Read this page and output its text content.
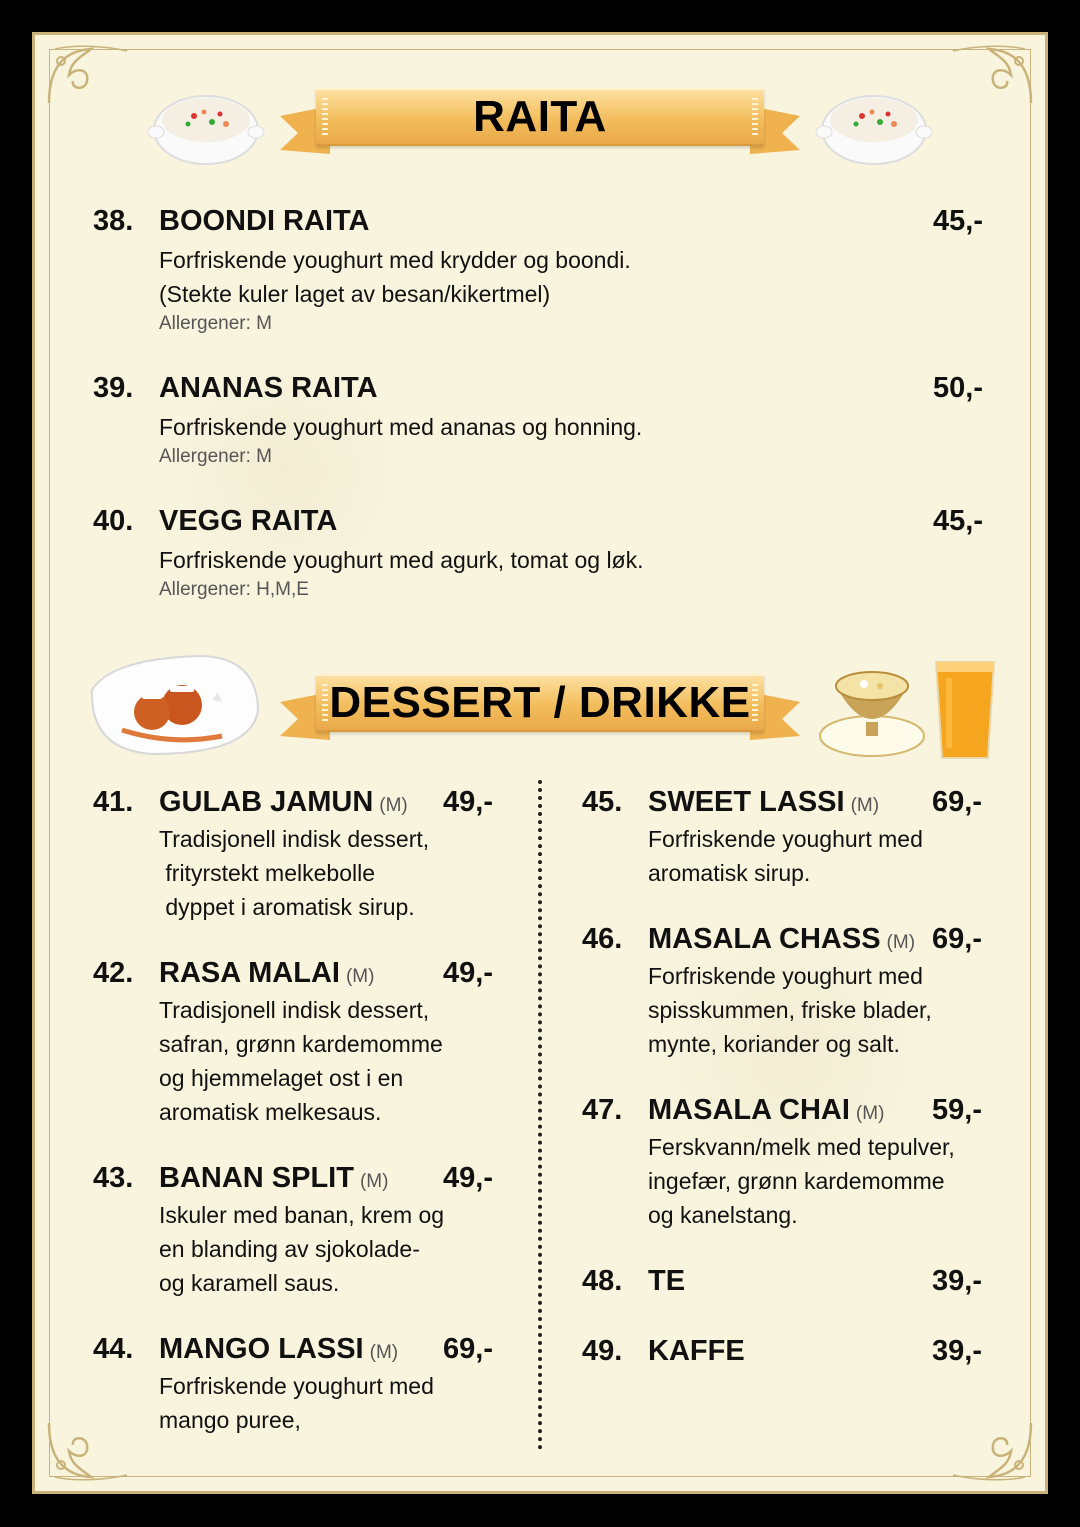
RAITA
38. BOONDI RAITA	45,-
Forfriskende youghurt med krydder og boondi.
(Stekte kuler laget av besan/kikertmel)
Allergener: M
39. ANANAS RAITA	50,-
Forfriskende youghurt med ananas og honning.
Allergener: M
40. VEGG RAITA	45,-
Forfriskende youghurt med agurk, tomat og løk.
Allergener: H,M,E
DESSERT / DRIKKE
41. GULAB JAMUN (M) 49,-
Tradisjonell indisk dessert,
frityrstekt melkebolle
dyppet i aromatisk sirup.
42. RASA MALAI (M) 49,-
Tradisjonell indisk dessert,
safran, grønn kardemomme
og hjemmelaget ost i en
aromatisk melkesaus.
43. BANAN SPLIT (M) 49,-
Iskuler med banan, krem og
en blanding av sjokolade-
og karamell saus.
44. MANGO LASSI (M) 69,-
Forfriskende youghurt med
mango puree,
45. SWEET LASSI (M) 69,-
Forfriskende youghurt med
aromatisk sirup.
46. MASALA CHASS (M) 69,-
Forfriskende youghurt med
spisskummen, friske blader,
mynte, koriander og salt.
47. MASALA CHAI (M) 59,-
Ferskvann/melk med tepulver,
ingefær, grønn kardemomme
og kanelstang.
48. TE	39,-
49. KAFFE	39,-
